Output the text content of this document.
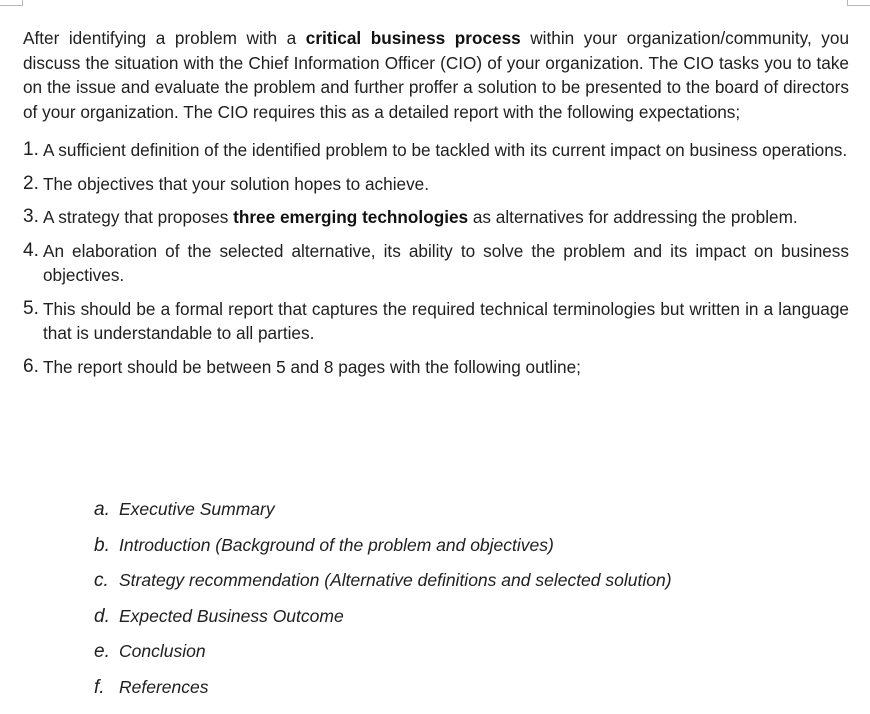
After identifying a problem with a critical business process within your organization/community, you discuss the situation with the Chief Information Officer (CIO) of your organization. The CIO tasks you to take on the issue and evaluate the problem and further proffer a solution to be presented to the board of directors of your organization. The CIO requires this as a detailed report with the following expectations;

1. A sufficient definition of the identified problem to be tackled with its current impact on business operations.
2. The objectives that your solution hopes to achieve.
3. A strategy that proposes three emerging technologies as alternatives for addressing the problem.
4. An elaboration of the selected alternative, its ability to solve the problem and its impact on business objectives.
5. This should be a formal report that captures the required technical terminologies but written in a language that is understandable to all parties.
6. The report should be between 5 and 8 pages with the following outline;
a. Executive Summary
b. Introduction (Background of the problem and objectives)
c. Strategy recommendation (Alternative definitions and selected solution)
d. Expected Business Outcome
e. Conclusion
f. References
